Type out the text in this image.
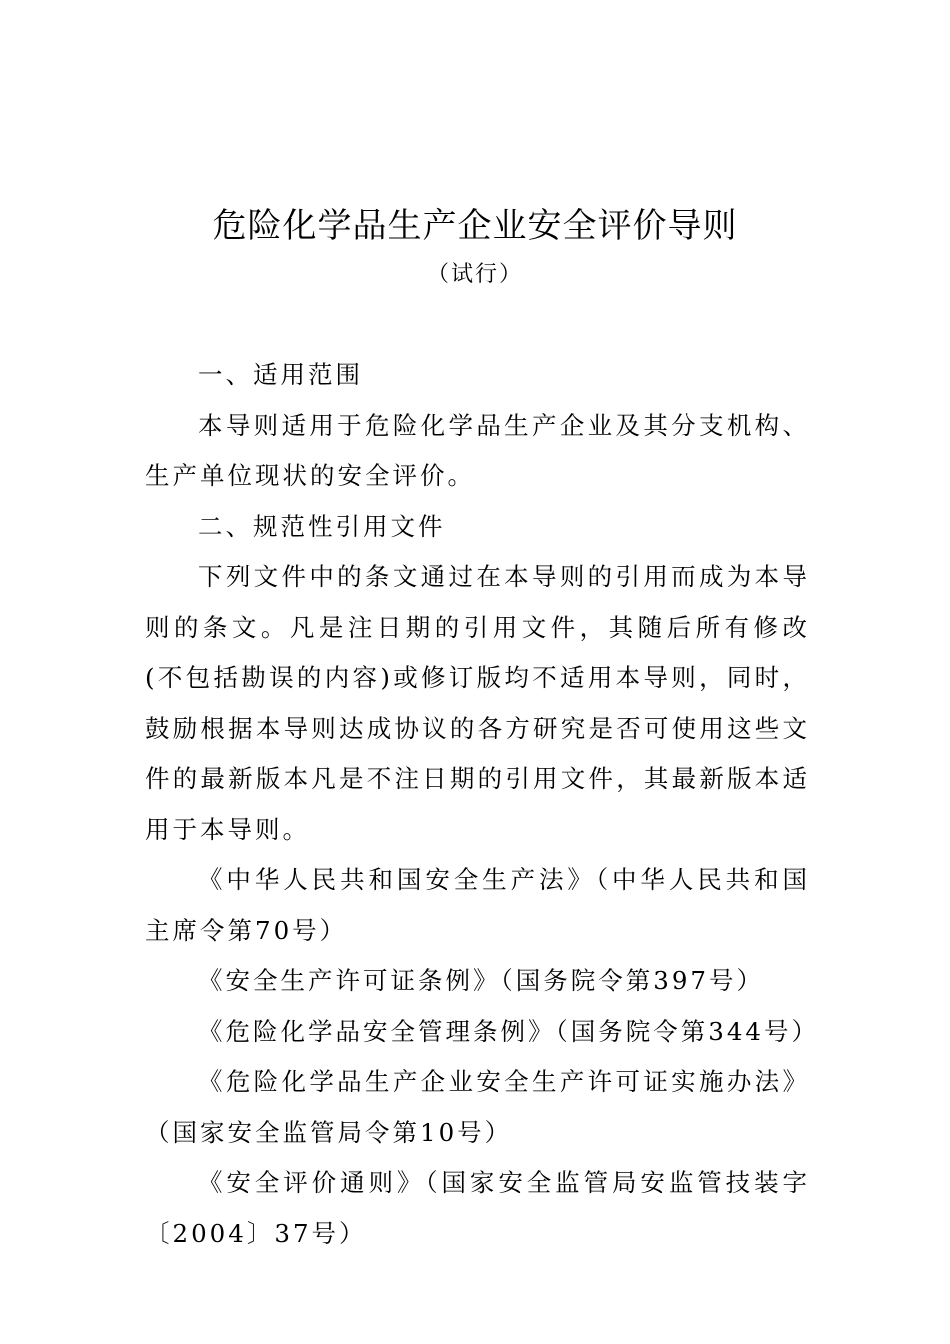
危险化学品生产企业安全评价导则
（试行）

一、适用范围

本导则适用于危险化学品生产企业及其分支机构、生产单位现状的安全评价。

二、规范性引用文件

下列文件中的条文通过在本导则的引用而成为本导则的条文。凡是注日期的引用文件，其随后所有修改(不包括勘误的内容)或修订版均不适用本导则，同时，鼓励根据本导则达成协议的各方研究是否可使用这些文件的最新版本凡是不注日期的引用文件，其最新版本适用于本导则。

《中华人民共和国安全生产法》（中华人民共和国主席令第70号）

《安全生产许可证条例》（国务院令第397号）

《危险化学品安全管理条例》（国务院令第344号）

《危险化学品生产企业安全生产许可证实施办法》（国家安全监管局令第10号）

《安全评价通则》（国家安全监管局安监管技装字〔2004〕37号）
